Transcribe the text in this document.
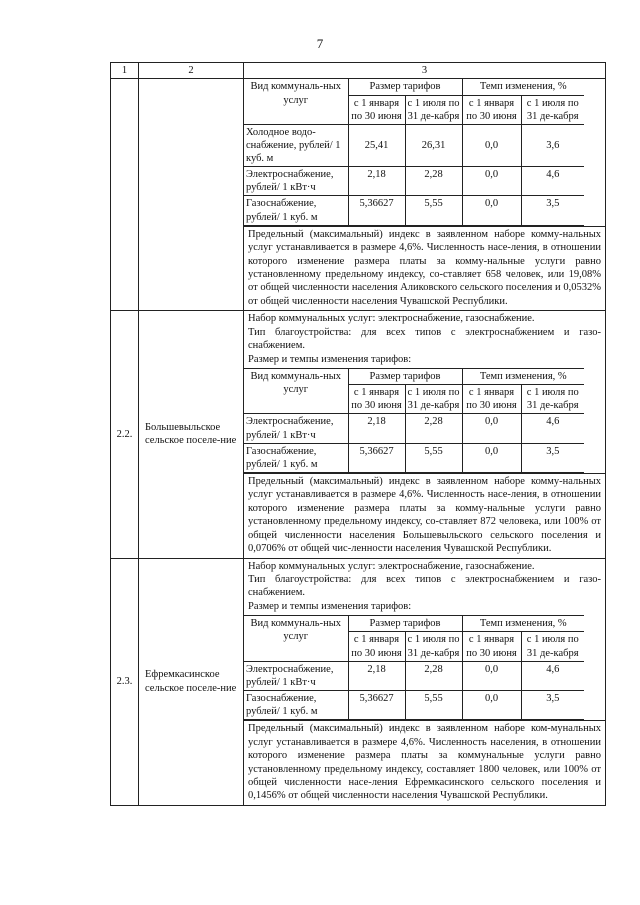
7
1	2	3

Вид коммуналь-ных услуг	Размер тарифов	Темп изменения, %
с 1 января по 30 июня	с 1 июля по 31 де-кабря	с 1 января по 30 июня	с 1 июля по 31 де-кабря
Холодное водо-снабжение, рублей/ 1 куб. м	25,41	26,31	0,0	3,6
Электроснабжение, рублей/ 1 кВт·ч	2,18	2,28	0,0	4,6
Газоснабжение, рублей/ 1 куб. м	5,36627	5,55	0,0	3,5
Предельный (максимальный) индекс в заявленном наборе комму-нальных услуг устанавливается в размере 4,6%. Численность насе-ления, в отношении которого изменение размера платы за комму-нальные услуги равно установленному предельному индексу, со-ставляет 658 человек, или 19,08% от общей численности населения Аликовского сельского поселения и 0,0532% от общей численности населения Чувашской Республики.

2.2.	Большевыльское сельское поселе-ние	
Набор коммунальных услуг: электроснабжение, газоснабжение.
Тип благоустройства: для всех типов с электроснабжением и газо-снабжением.
Размер и темпы изменения тарифов:
Вид коммуналь-ных услуг	Размер тарифов	Темп изменения, %
с 1 января по 30 июня	с 1 июля по 31 де-кабря	с 1 января по 30 июня	с 1 июля по 31 де-кабря
Электроснабжение, рублей/ 1 кВт·ч	2,18	2,28	0,0	4,6
Газоснабжение, рублей/ 1 куб. м	5,36627	5,55	0,0	3,5
Предельный (максимальный) индекс в заявленном наборе комму-нальных услуг устанавливается в размере 4,6%. Численность насе-ления, в отношении которого изменение размера платы за комму-нальные услуги равно установленному предельному индексу, со-ставляет 872 человека, или 100% от общей численности населения Большевыльского сельского поселения и 0,0706% от общей чис-ленности населения Чувашской Республики.

2.3.	Ефремкасинское сельское поселе-ние	
Набор коммунальных услуг: электроснабжение, газоснабжение.
Тип благоустройства: для всех типов с электроснабжением и газо-снабжением.
Размер и темпы изменения тарифов:
Вид коммуналь-ных услуг	Размер тарифов	Темп изменения, %
с 1 января по 30 июня	с 1 июля по 31 де-кабря	с 1 января по 30 июня	с 1 июля по 31 де-кабря
Электроснабжение, рублей/ 1 кВт·ч	2,18	2,28	0,0	4,6
Газоснабжение, рублей/ 1 куб. м	5,36627	5,55	0,0	3,5
Предельный (максимальный) индекс в заявленном наборе ком-мунальных услуг устанавливается в размере 4,6%. Численность населения, в отношении которого изменение размера платы за коммунальные услуги равно установленному предельному индексу, составляет 1800 человек, или 100% от общей численности насе-ления Ефремкасинского сельского поселения и 0,1456% от общей численности населения Чувашской Республики.
